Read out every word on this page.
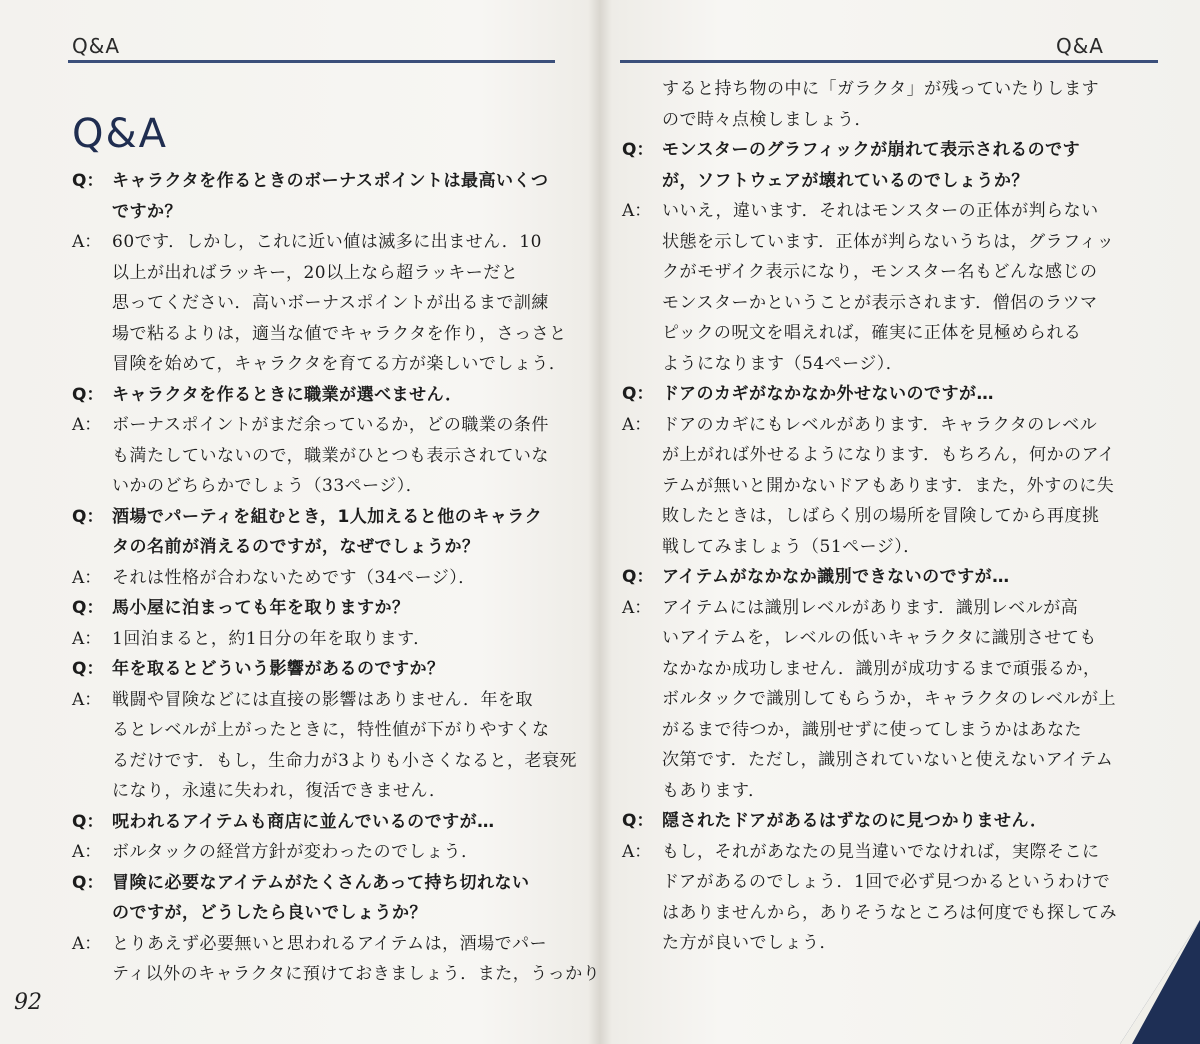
Q&A
Q&A
Q： キャラクタを作るときのボーナスポイントは最高いくつ
ですか？
A： 60です．しかし，これに近い値は滅多に出ません．10
以上が出ればラッキー，20以上なら超ラッキーだと
思ってください．高いボーナスポイントが出るまで訓練
場で粘るよりは，適当な値でキャラクタを作り，さっさと
冒険を始めて，キャラクタを育てる方が楽しいでしょう．
Q： キャラクタを作るときに職業が選べません．
A： ボーナスポイントがまだ余っているか，どの職業の条件
も満たしていないので，職業がひとつも表示されていな
いかのどちらかでしょう（33ページ）．
Q： 酒場でパーティを組むとき，1人加えると他のキャラク
タの名前が消えるのですが，なぜでしょうか？
A： それは性格が合わないためです（34ページ）．
Q： 馬小屋に泊まっても年を取りますか？
A： 1回泊まると，約1日分の年を取ります．
Q： 年を取るとどういう影響があるのですか？
A： 戦闘や冒険などには直接の影響はありません．年を取
るとレベルが上がったときに，特性値が下がりやすくな
るだけです．もし，生命力が3よりも小さくなると，老衰死
になり，永遠に失われ，復活できません．
Q： 呪われるアイテムも商店に並んでいるのですが…
A： ボルタックの経営方針が変わったのでしょう．
Q： 冒険に必要なアイテムがたくさんあって持ち切れない
のですが，どうしたら良いでしょうか？
A： とりあえず必要無いと思われるアイテムは，酒場でパー
ティ以外のキャラクタに預けておきましょう．また，うっかり
92
Q&A
すると持ち物の中に「ガラクタ」が残っていたりします
ので時々点検しましょう．
Q： モンスターのグラフィックが崩れて表示されるのです
が，ソフトウェアが壊れているのでしょうか？
A： いいえ，違います．それはモンスターの正体が判らない
状態を示しています．正体が判らないうちは，グラフィッ
クがモザイク表示になり，モンスター名もどんな感じの
モンスターかということが表示されます．僧侶のラツマ
ピックの呪文を唱えれば，確実に正体を見極められる
ようになります（54ページ）．
Q： ドアのカギがなかなか外せないのですが…
A： ドアのカギにもレベルがあります．キャラクタのレベル
が上がれば外せるようになります．もちろん，何かのアイ
テムが無いと開かないドアもあります．また，外すのに失
敗したときは，しばらく別の場所を冒険してから再度挑
戦してみましょう（51ページ）．
Q： アイテムがなかなか識別できないのですが…
A： アイテムには識別レベルがあります．識別レベルが高
いアイテムを，レベルの低いキャラクタに識別させても
なかなか成功しません．識別が成功するまで頑張るか，
ボルタックで識別してもらうか，キャラクタのレベルが上
がるまで待つか，識別せずに使ってしまうかはあなた
次第です．ただし，識別されていないと使えないアイテム
もあります．
Q： 隠されたドアがあるはずなのに見つかりません．
A： もし，それがあなたの見当違いでなければ，実際そこに
ドアがあるのでしょう．1回で必ず見つかるというわけで
はありませんから，ありそうなところは何度でも探してみ
た方が良いでしょう．
